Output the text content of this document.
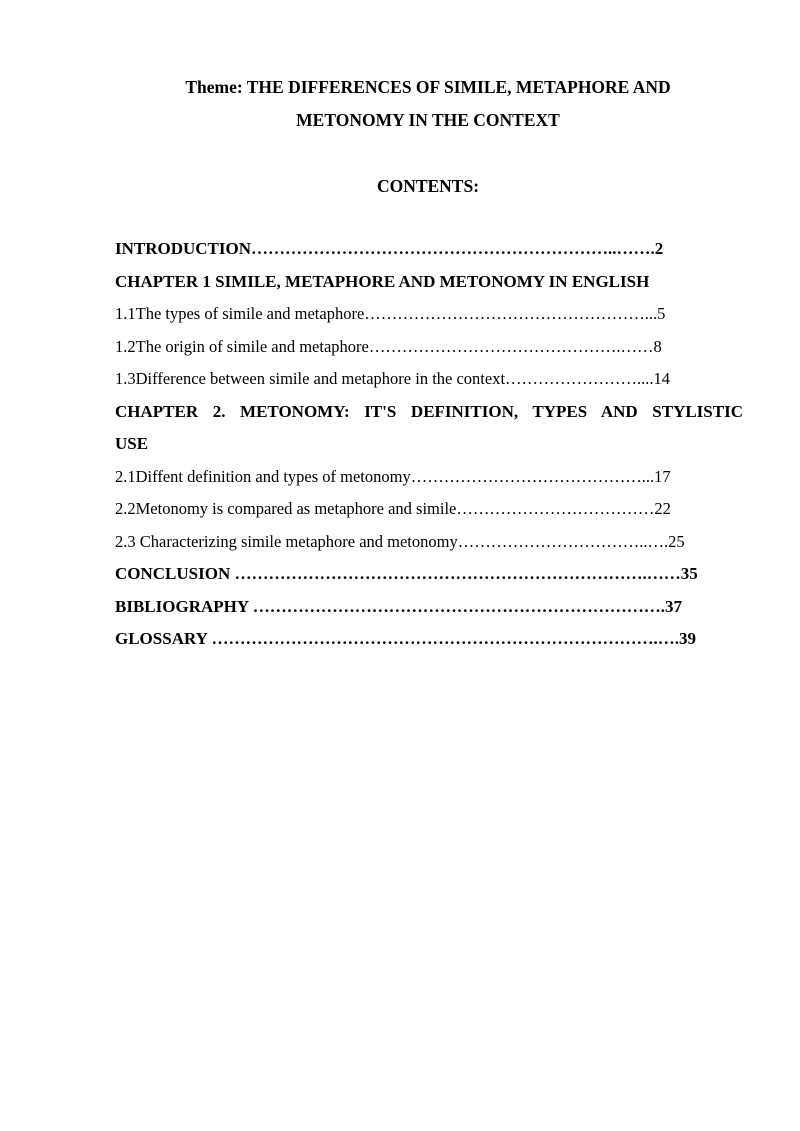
Theme: THE DIFFERENCES OF SIMILE, METAPHORE AND
METONOMY IN THE CONTEXT
CONTENTS:
INTRODUCTION………………………………………………………..…….2
CHAPTER 1 SIMILE, METAPHORE AND METONOMY IN ENGLISH
1.1The types of simile and metaphore……………………………………………...5
1.2The origin of simile and metaphore……………………………………….……8
1.3Difference between simile and metaphore in the context……………………....14
CHAPTER 2. METONOMY: IT'S DEFINITION, TYPES AND STYLISTIC
USE
2.1Diffent definition and types of metonomy……………………………………...17
2.2Metonomy is compared as metaphore and simile………………………………22
2.3 Characterizing simile metaphore and metonomy……………………………..….25
CONCLUSION ……………………………………………………………….……35
BIBLIOGRAPHY ……………………………………………………………….37
GLOSSARY …………………………………………………………………….….39
